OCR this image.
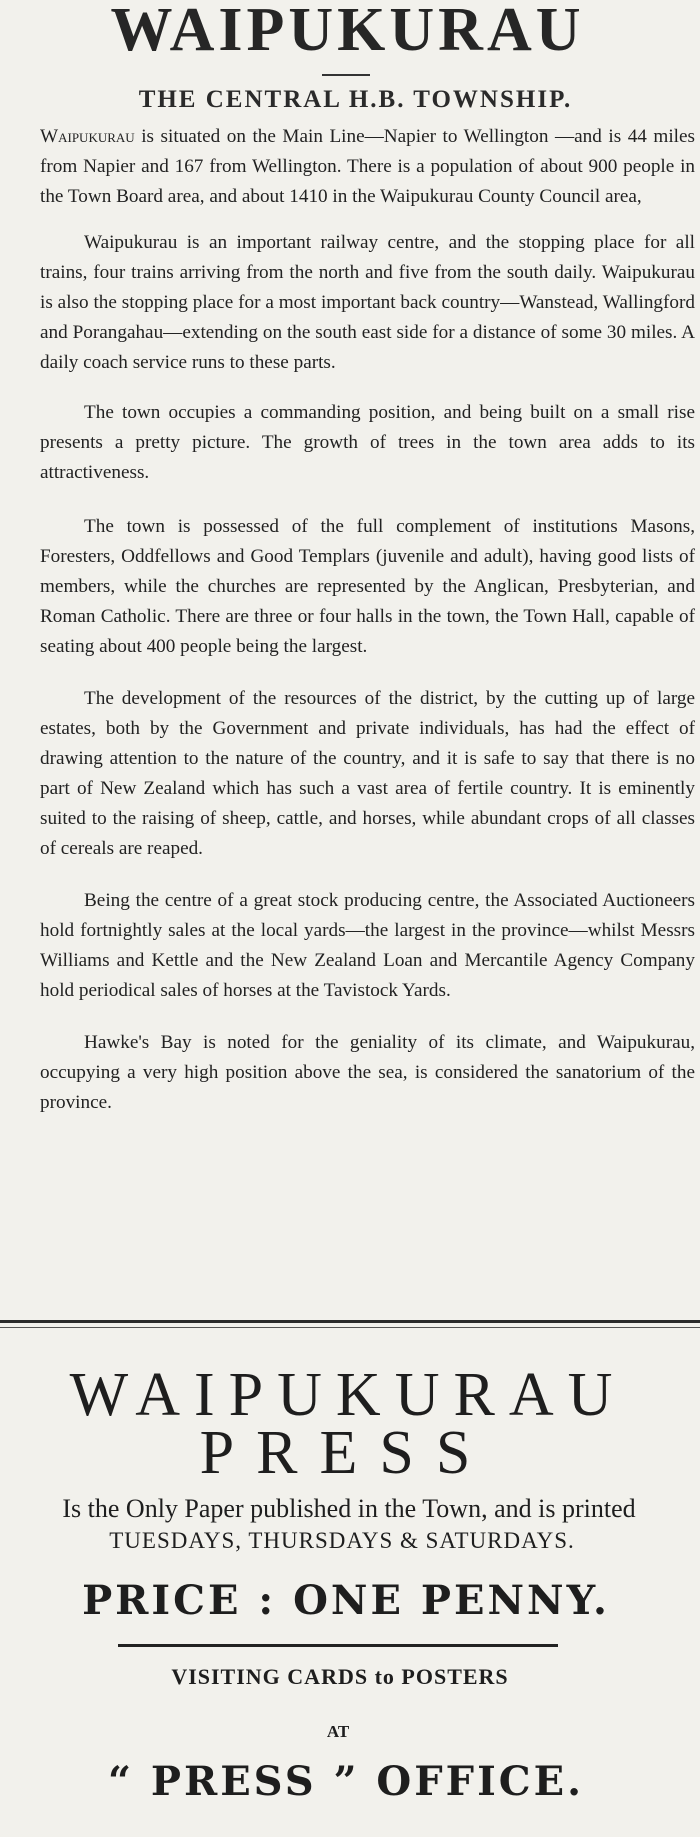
WAIPUKURAU
THE CENTRAL H.B. TOWNSHIP.

Waipukurau is situated on the Main Line—Napier to Wellington —and is 44 miles from Napier and 167 from Wellington. There is a population of about 900 people in the Town Board area, and about 1410 in the Waipukurau County Council area,

Waipukurau is an important railway centre, and the stopping place for all trains, four trains arriving from the north and five from the south daily. Waipukurau is also the stopping place for a most important back country—Wanstead, Wallingford and Porangahau—extending on the south east side for a distance of some 30 miles. A daily coach service runs to these parts.

The town occupies a commanding position, and being built on a small rise presents a pretty picture. The growth of trees in the town area adds to its attractiveness.

The town is possessed of the full complement of institutions Masons, Foresters, Oddfellows and Good Templars (juvenile and adult), having good lists of members, while the churches are represented by the Anglican, Presbyterian, and Roman Catholic. There are three or four halls in the town, the Town Hall, capable of seating about 400 people being the largest.

The development of the resources of the district, by the cutting up of large estates, both by the Government and private individuals, has had the effect of drawing attention to the nature of the country, and it is safe to say that there is no part of New Zealand which has such a vast area of fertile country. It is eminently suited to the raising of sheep, cattle, and horses, while abundant crops of all classes of cereals are reaped.

Being the centre of a great stock producing centre, the Associated Auctioneers hold fortnightly sales at the local yards—the largest in the province—whilst Messrs Williams and Kettle and the New Zealand Loan and Mercantile Agency Company hold periodical sales of horses at the Tavistock Yards.

Hawke's Bay is noted for the geniality of its climate, and Waipukurau, occupying a very high position above the sea, is considered the sanatorium of the province.

WAIPUKURAU
PRESS
Is the Only Paper published in the Town, and is printed
TUESDAYS, THURSDAYS & SATURDAYS.
PRICE : ONE PENNY.
VISITING CARDS to POSTERS
AT
“ PRESS ” OFFICE.
